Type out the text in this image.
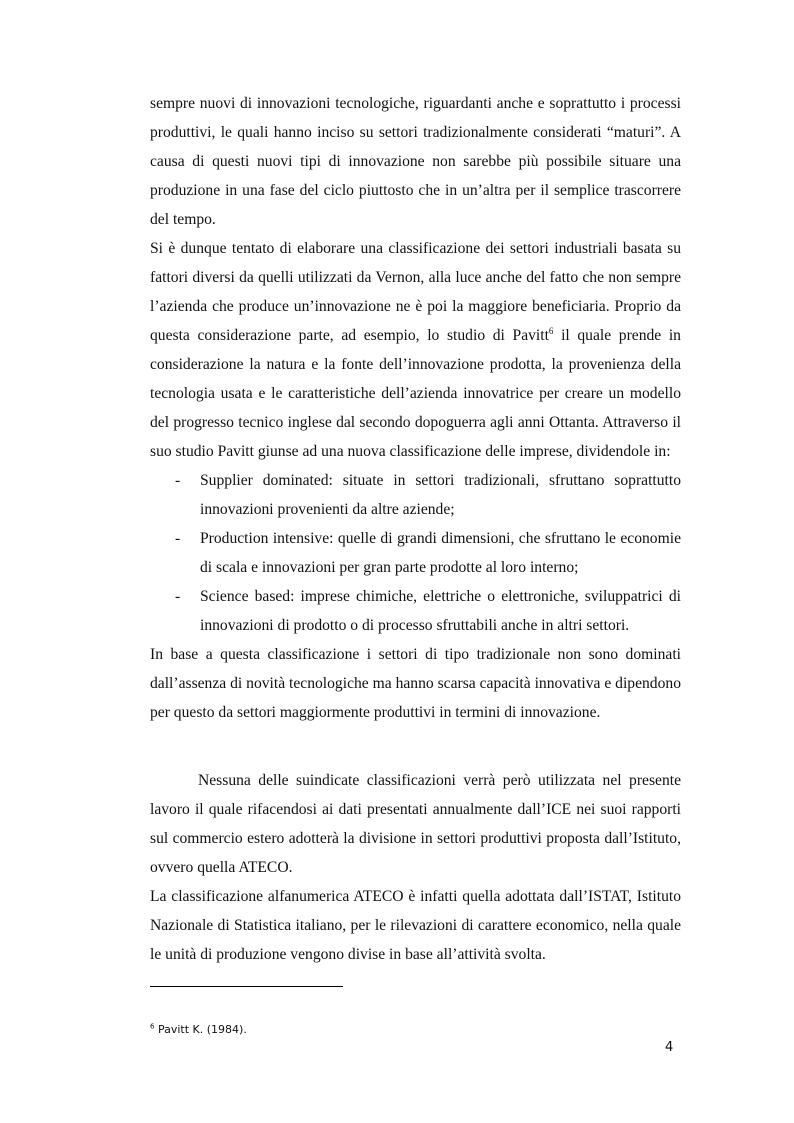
sempre nuovi di innovazioni tecnologiche, riguardanti anche e soprattutto i processi produttivi, le quali hanno inciso su settori tradizionalmente considerati “maturi”. A causa di questi nuovi tipi di innovazione non sarebbe più possibile situare una produzione in una fase del ciclo piuttosto che in un’altra per il semplice trascorrere del tempo.

Si è dunque tentato di elaborare una classificazione dei settori industriali basata su fattori diversi da quelli utilizzati da Vernon, alla luce anche del fatto che non sempre l’azienda che produce un’innovazione ne è poi la maggiore beneficiaria. Proprio da questa considerazione parte, ad esempio, lo studio di Pavitt$^6$ il quale prende in considerazione la natura e la fonte dell’innovazione prodotta, la provenienza della tecnologia usata e le caratteristiche dell’azienda innovatrice per creare un modello del progresso tecnico inglese dal secondo dopoguerra agli anni Ottanta. Attraverso il suo studio Pavitt giunse ad una nuova classificazione delle imprese, dividendole in:

- Supplier dominated: situate in settori tradizionali, sfruttano soprattutto innovazioni provenienti da altre aziende;
- Production intensive: quelle di grandi dimensioni, che sfruttano le economie di scala e innovazioni per gran parte prodotte al loro interno;
- Science based: imprese chimiche, elettriche o elettroniche, sviluppatrici di innovazioni di prodotto o di processo sfruttabili anche in altri settori.

In base a questa classificazione i settori di tipo tradizionale non sono dominati dall’assenza di novità tecnologiche ma hanno scarsa capacità innovativa e dipendono per questo da settori maggiormente produttivi in termini di innovazione.

Nessuna delle suindicate classificazioni verrà però utilizzata nel presente lavoro il quale rifacendosi ai dati presentati annualmente dall’ICE nei suoi rapporti sul commercio estero adotterà la divisione in settori produttivi proposta dall’Istituto, ovvero quella ATECO.

La classificazione alfanumerica ATECO è infatti quella adottata dall’ISTAT, Istituto Nazionale di Statistica italiano, per le rilevazioni di carattere economico, nella quale le unità di produzione vengono divise in base all’attività svolta.

$^6$ Pavitt K. (1984).
4
